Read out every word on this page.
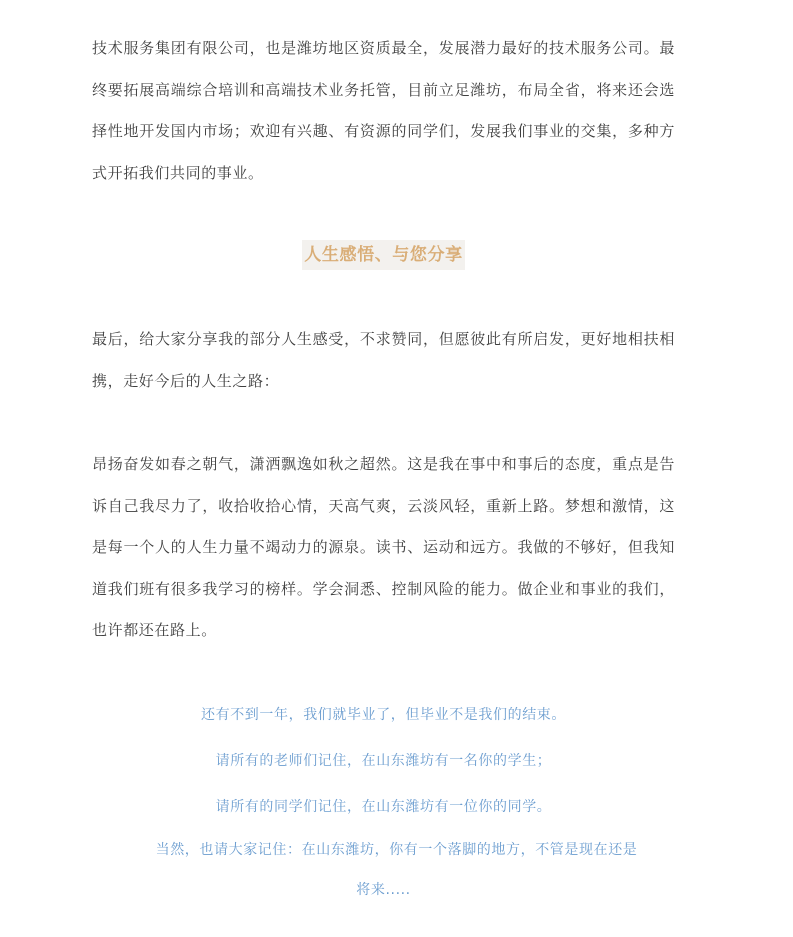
技术服务集团有限公司，也是潍坊地区资质最全，发展潜力最好的技术服务公司。最终要拓展高端综合培训和高端技术业务托管，目前立足潍坊，布局全省，将来还会选择性地开发国内市场；欢迎有兴趣、有资源的同学们，发展我们事业的交集，多种方式开拓我们共同的事业。

人生感悟、与您分享

最后，给大家分享我的部分人生感受，不求赞同，但愿彼此有所启发，更好地相扶相携，走好今后的人生之路：

昂扬奋发如春之朝气，潇洒飘逸如秋之超然。这是我在事中和事后的态度，重点是告诉自己我尽力了，收拾收拾心情，天高气爽，云淡风轻，重新上路。梦想和激情，这是每一个人的人生力量不竭动力的源泉。读书、运动和远方。我做的不够好，但我知道我们班有很多我学习的榜样。学会洞悉、控制风险的能力。做企业和事业的我们，也许都还在路上。

还有不到一年，我们就毕业了，但毕业不是我们的结束。

请所有的老师们记住，在山东潍坊有一名你的学生；

请所有的同学们记住，在山东潍坊有一位你的同学。

当然，也请大家记住：在山东潍坊，你有一个落脚的地方，不管是现在还是

将来.....
